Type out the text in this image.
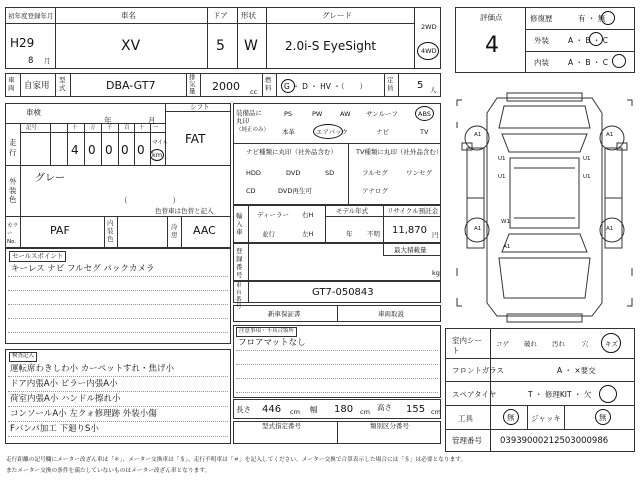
初年度登録年月
H29
8 月
車名
XV
ドア
5
形状
W
グレード
2.0i-S EyeSight
2WD
4WD
車両 自家用
型式	DBA-GT7
排気量 2000 cc
燃料 G ・ D ・ HV ・（　　）
定員 5 人
車検
年	月
走行
記号	十 万 千 百 十 一
4 0 0 0 0 マイル
km
シフト
FAT
外装色
グレー
（　　　　　　）
色替車は色替と記入
カラーNo.
PAF
内装色
冷房 AAC
セールスポイント
キーレス ナビ フルセグ パックカメラ
検査記入
運転席わきしわ小 カーペットすれ・焦げ小
ドア内張A小 ピラー内張A小
荷室内張A小 ハンドル擦れ小
コンソールA小 左クォ修理跡 外装小傷
Fバンパ加工 下廻りS小
装備品に丸印
（純正のみ）
PS	PW	AW サンルーフ	ABS
本革	エアバック	ナビ	TV
ナビ種類に丸印（社外品含む）
HDD	DVD	SD
CD	DVD再生可
TV種類に丸印（社外品含む）
フルセグ	ワンセグ
アナログ
輸入車
ディーラー
並行
右H
左H
モデル年式
年 不明
リサイクル預託金
11,870 円
登録番号
最大積載量
kg
車台番号
GT7-050843
新車保証書	車両取説
注意事項・不具合箇所
フロアマットなし
長さ 446 cm 幅 180 cm 高さ 155 cm
型式指定番号	類別区分番号
評価点
4
修復歴	有 ・ 無
外装	A ・ B ・ C
内装	A ・ B ・ C
A1	A1
A1	A1
U1	U1
U1	U1
W1
A1
室内シート
コゲ 破れ 汚れ	穴	キズ
フロントガラス	A ・ ×要交
スペアタイヤ	T ・ 修理KIT ・ 欠
工具	無 ジャッキ	無
管理番号 03939000212503000986
走行距離の記号欄にメーター改ざん車は「＊」、メーター交換車は「＄」、走行不明車は「＃」を記入してください。メーター交換で合算表示した場合には「＄」は必要となります。
またメーター交換の条件を満たしていないものはメーター改ざん車となります。
